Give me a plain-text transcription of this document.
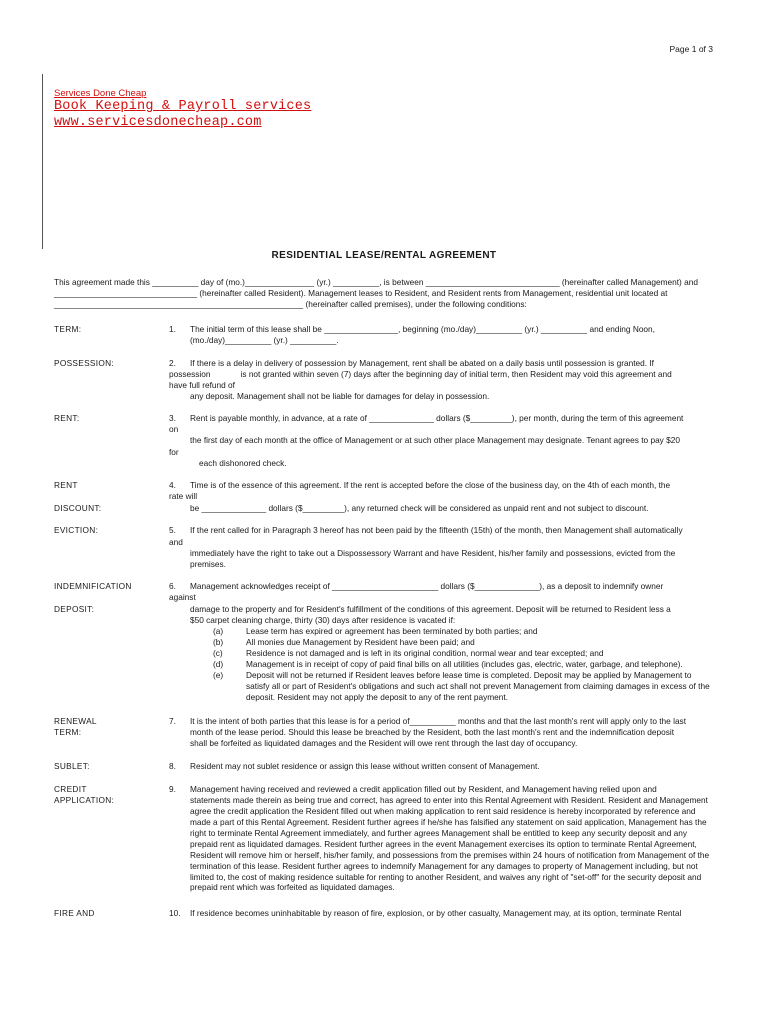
Page 1 of 3
Services Done Cheap
Book Keeping & Payroll services
www.servicesdonecheap.com
RESIDENTIAL LEASE/RENTAL AGREEMENT
This agreement made this __________ day of (mo.)_______________ (yr.) __________, is between _____________________________ (hereinafter called Management) and _______________________________ (hereinafter called Resident). Management leases to Resident, and Resident rents from Management, residential unit located at ______________________________________________________ (hereinafter called premises), under the following conditions:
TERM:	1. The initial term of this lease shall be ________________, beginning (mo./day)__________ (yr.) __________ and ending Noon,

(mo./day)__________ (yr.) __________.

POSSESSION:	2. If there is a delay in delivery of possession by Management, rent shall be abated on a daily basis until possession is granted. If

possession	is not granted within seven (7) days after the beginning day of initial term, then Resident may void this agreement and

have full refund of

any deposit. Management shall not be liable for damages for delay in possession.

RENT:	3. Rent is payable monthly, in advance, at a rate of ______________ dollars ($_________), per month, during the term of this agreement

on
the first day of each month at the office of Management or at such other place Management may designate. Tenant agrees to pay $20
for
each dishonored check.
RENT
DISCOUNT:
4. Time is of the essence of this agreement. If the rent is accepted before the close of the business day, on the 4th of each month, the
rate will
be ______________ dollars ($_________), any returned check will be considered as unpaid rent and not subject to discount.
EVICTION:	5. If the rent called for in Paragraph 3 hereof has not been paid by the fifteenth (15th) of the month, then Management shall automatically
and

immediately have the right to take out a Dispossessory Warrant and have Resident, his/her family and possessions, evicted from the

premises.

INDEMNIFICATION
DEPOSIT:
6. Management acknowledges receipt of _______________________ dollars ($______________), as a deposit to indemnify owner
against

damage to the property and for Resident's fulfillment of the conditions of this agreement. Deposit will be returned to Resident less a

$50 carpet cleaning charge, thirty (30) days after residence is vacated if:

(a)	Lease term has expired or agreement has been terminated by both parties; and
(b)	All monies due Management by Resident have been paid; and
(c)	Residence is not damaged and is left in its original condition, normal wear and tear excepted; and
(d)	Management is in receipt of copy of paid final bills on all utilities (includes gas, electric, water, garbage, and telephone).
(e)	Deposit will not be returned if Resident leaves before lease time is completed. Deposit may be applied by Management to satisfy all or part of Resident's obligations and such act shall not prevent Management from claiming damages in excess of the deposit. Resident may not apply the deposit to any of the rent payment.
RENEWAL
TERM:
7. It is the intent of both parties that this lease is for a period of__________ months and that the last month's rent will apply only to the last

month of the lease period. Should this lease be breached by the Resident, both the last month's rent and the indemnification deposit

shall be forfeited as liquidated damages and the Resident will owe rent through the last day of occupancy.

SUBLET:	8. Resident may not sublet residence or assign this lease without written consent of Management.
CREDIT
APPLICATION:
9. Management having received and reviewed a credit application filled out by Resident, and Management having relied upon and

statements made therein as being true and correct, has agreed to enter into this Rental Agreement with Resident. Resident and Management agree the credit application the Resident filled out when making application to rent said residence is hereby incorporated by reference and made a part of this Rental Agreement. Resident further agrees if he/she has falsified any statement on said application, Management has the right to terminate Rental Agreement immediately, and further agrees Management shall be entitled to keep any security deposit and any prepaid rent as liquidated damages. Resident further agrees in the event Management exercises its option to terminate Rental Agreement, Resident will remove him or herself, his/her family, and possessions from the premises within 24 hours of notification from Management of the termination of this lease. Resident further agrees to indemnify Management for any damages to property of Management including, but not limited to, the cost of making residence suitable for renting to another Resident, and waives any right of "set-off" for the security deposit and prepaid rent which was forfeited as liquidated damages.

FIRE AND	10. If residence becomes uninhabitable by reason of fire, explosion, or by other casualty, Management may, at its option, terminate Rental
